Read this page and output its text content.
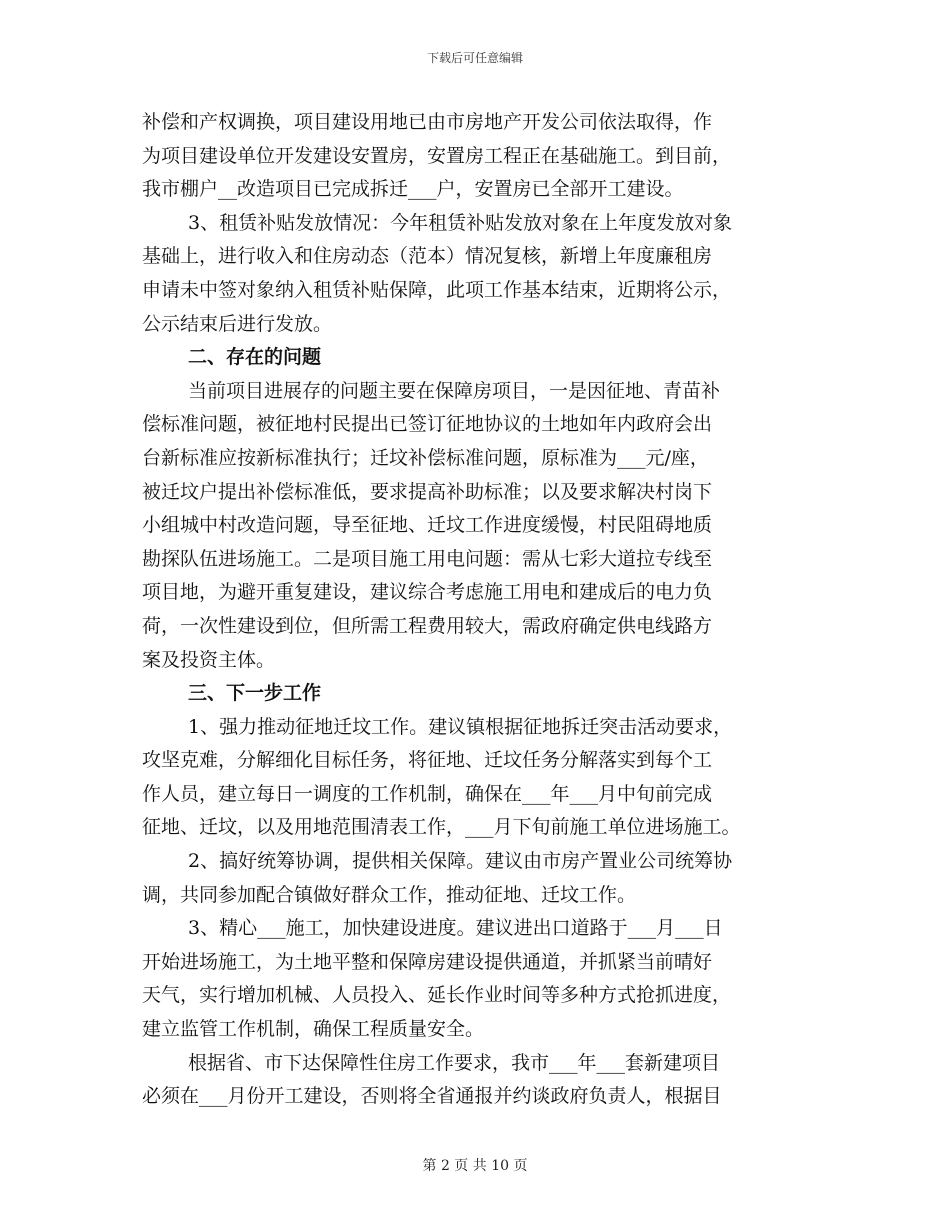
下载后可任意编辑
补偿和产权调换，项目建设用地已由市房地产开发公司依法取得，作
为项目建设单位开发建设安置房，安置房工程正在基础施工。到目前，
我市棚户__改造项目已完成拆迁___户，安置房已全部开工建设。
3、租赁补贴发放情况：今年租赁补贴发放对象在上年度发放对象
基础上，进行收入和住房动态（范本）情况复核，新增上年度廉租房
申请未中签对象纳入租赁补贴保障，此项工作基本结束，近期将公示，
公示结束后进行发放。
二、存在的问题
当前项目进展存的问题主要在保障房项目，一是因征地、青苗补
偿标准问题，被征地村民提出已签订征地协议的土地如年内政府会出
台新标准应按新标准执行；迁坟补偿标准问题，原标准为___元/座，
被迁坟户提出补偿标准低，要求提高补助标准；以及要求解决村岗下
小组城中村改造问题，导至征地、迁坟工作进度缓慢，村民阻碍地质
勘探队伍进场施工。二是项目施工用电问题：需从七彩大道拉专线至
项目地，为避开重复建设，建议综合考虑施工用电和建成后的电力负
荷，一次性建设到位，但所需工程费用较大，需政府确定供电线路方
案及投资主体。
三、下一步工作
1、强力推动征地迁坟工作。建议镇根据征地拆迁突击活动要求，
攻坚克难，分解细化目标任务，将征地、迁坟任务分解落实到每个工
作人员，建立每日一调度的工作机制，确保在___年___月中旬前完成
征地、迁坟，以及用地范围清表工作，___月下旬前施工单位进场施工。
2、搞好统筹协调，提供相关保障。建议由市房产置业公司统筹协
调，共同参加配合镇做好群众工作，推动征地、迁坟工作。
3、精心___施工，加快建设进度。建议进出口道路于___月___日
开始进场施工，为土地平整和保障房建设提供通道，并抓紧当前晴好
天气，实行增加机械、人员投入、延长作业时间等多种方式抢抓进度，
建立监管工作机制，确保工程质量安全。
根据省、市下达保障性住房工作要求，我市___年___套新建项目
必须在___月份开工建设，否则将全省通报并约谈政府负责人，根据目
第 2 页 共 10 页
